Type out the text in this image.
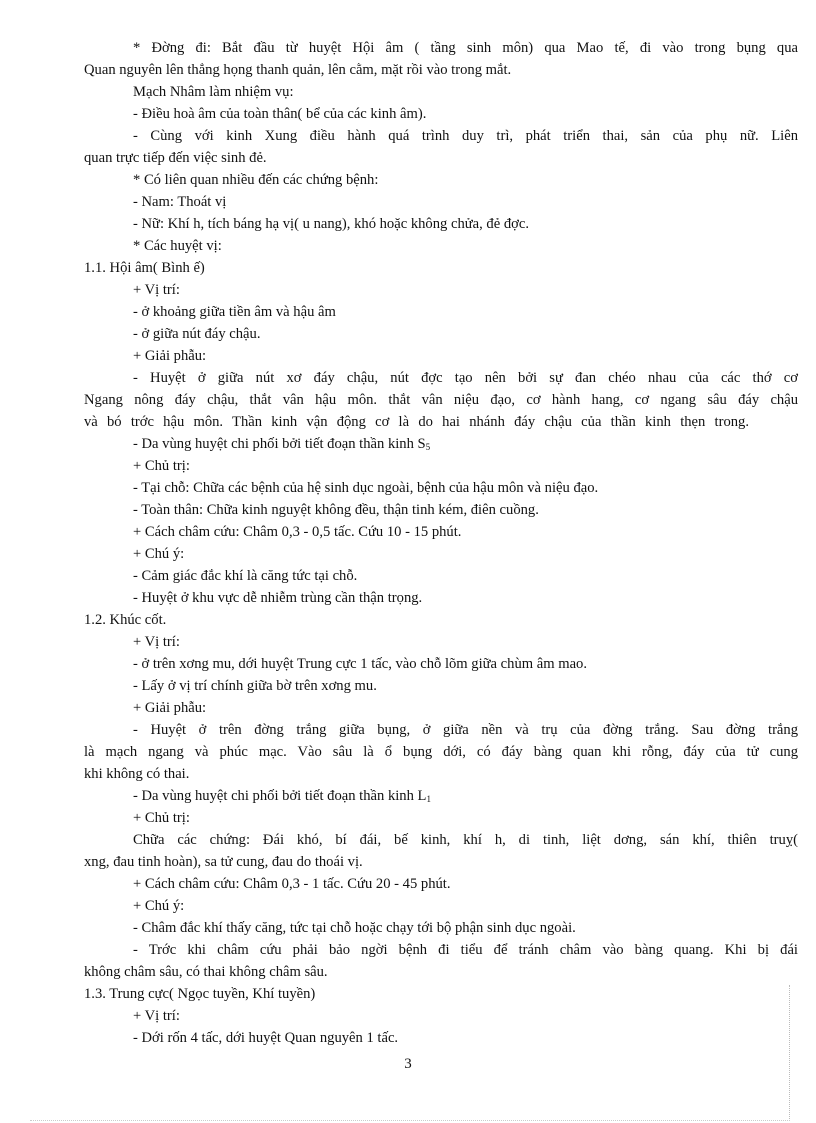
* Đờng đi: Bắt đầu từ huyệt Hội âm ( tầng sinh môn) qua Mao tế, đi vào trong bụng qua
Quan nguyên lên thẳng họng thanh quản, lên cằm, mặt rồi vào trong mắt.
Mạch Nhâm làm nhiệm vụ:
- Điều hoà âm của toàn thân( bể của các kinh âm).
- Cùng với kinh Xung điều hành quá trình duy trì, phát triển thai, sản của phụ nữ. Liên
quan trực tiếp đến việc sinh đẻ.
* Có liên quan nhiều đến các chứng bệnh:
- Nam: Thoát vị
- Nữ: Khí h, tích báng hạ vị( u nang), khó hoặc không chửa, đẻ đợc.
* Các huyệt vị:
1.1. Hội âm( Bình ế)
+ Vị trí:
- ở khoảng giữa tiền âm và hậu âm
- ở giữa nút đáy chậu.
+ Giải phẫu:
- Huyệt ở giữa nút xơ đáy chậu, nút đợc tạo nên bởi sự đan chéo nhau của các thớ cơ
Ngang nông đáy chậu, thắt vân hậu môn. thắt vân niệu đạo, cơ hành hang, cơ ngang sâu đáy chậu
và bó trớc hậu môn. Thần kinh vận động cơ là do hai nhánh đáy chậu của thần kinh thẹn trong.
- Da vùng huyệt chi phối bởi tiết đoạn thần kinh $S_5$
+ Chủ trị:
- Tại chỗ: Chữa các bệnh của hệ sinh dục ngoài, bệnh của hậu môn và niệu đạo.
- Toàn thân: Chữa kinh nguyệt không đều, thận tinh kém, điên cuồng.
+ Cách châm cứu: Châm 0,3 - 0,5 tấc. Cứu 10 - 15 phút.
+ Chú ý:
- Cảm giác đắc khí là căng tức tại chỗ.
- Huyệt ở khu vực dễ nhiễm trùng cần thận trọng.
1.2. Khúc cốt.
+ Vị trí:
- ở trên xơng mu, dới huyệt Trung cực 1 tấc, vào chỗ lõm giữa chùm âm mao.
- Lấy ở vị trí chính giữa bờ trên xơng mu.
+ Giải phẫu:
- Huyệt ở trên đờng trắng giữa bụng, ở giữa nền và trụ của đờng trắng. Sau đờng trắng
là mạch ngang và phúc mạc. Vào sâu là ổ bụng dới, có đáy bàng quan khi rỗng, đáy của tử cung
khi không có thai.
- Da vùng huyệt chi phối bởi tiết đoạn thần kinh $L_1$
+ Chủ trị:
Chữa các chứng: Đái khó, bí đái, bế kinh, khí h, di tinh, liệt dơng, sán khí, thiên truỵ(
xng, đau tinh hoàn), sa tử cung, đau do thoái vị.
+ Cách châm cứu: Châm 0,3 - 1 tấc. Cứu 20 - 45 phút.
+ Chú ý:
- Châm đắc khí thấy căng, tức tại chỗ hoặc chạy tới bộ phận sinh dục ngoài.
- Trớc khi châm cứu phải bảo ngời bệnh đi tiểu để tránh châm vào bàng quang. Khi bị đái
không châm sâu, có thai không châm sâu.
1.3. Trung cực( Ngọc tuyền, Khí tuyền)
+ Vị trí:
- Dới rốn 4 tấc, dới huyệt Quan nguyên 1 tấc.
3
